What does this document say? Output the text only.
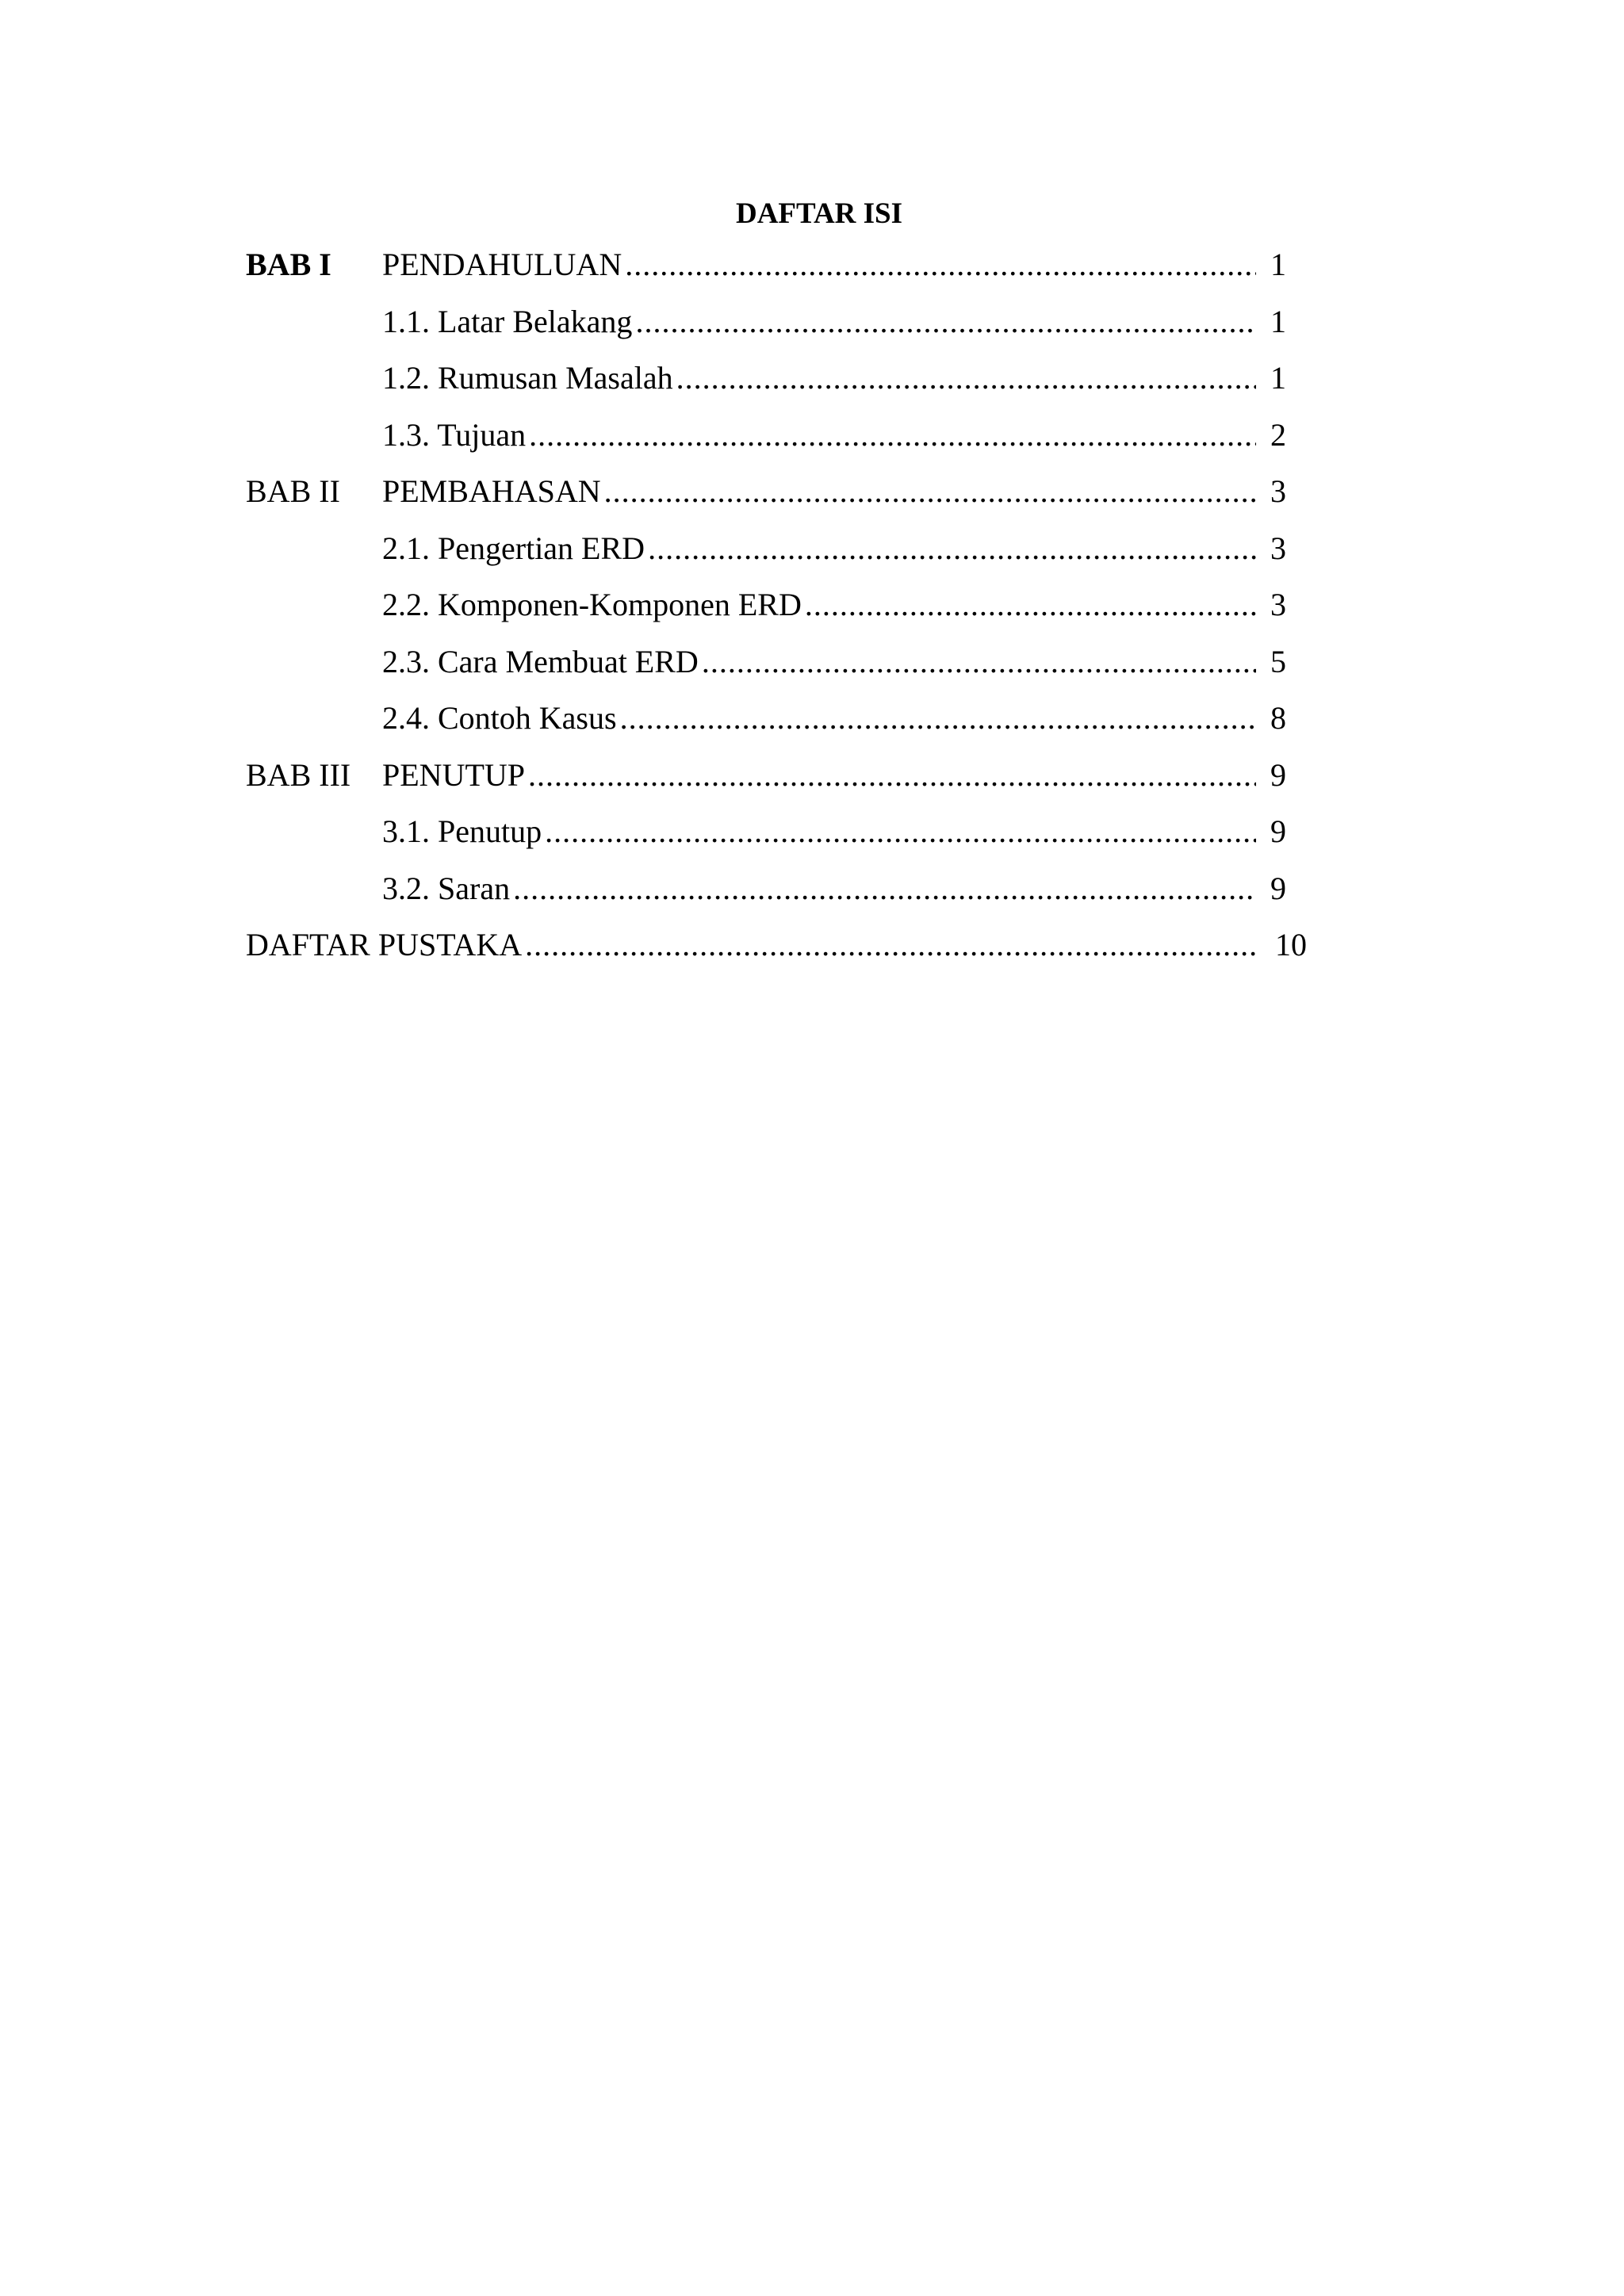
DAFTAR ISI
BAB I	PENDAHULUAN .....	1
1.1. Latar Belakang .....	1
1.2. Rumusan Masalah .....	1
1.3. Tujuan .....	2
BAB II	PEMBAHASAN .....	3
2.1. Pengertian ERD .....	3
2.2. Komponen-Komponen ERD .....	3
2.3. Cara Membuat ERD .....	5
2.4. Contoh Kasus .....	8
BAB III PENUTUP .....	9
3.1. Penutup .....	9
3.2. Saran .....	9
DAFTAR PUSTAKA .....	10
